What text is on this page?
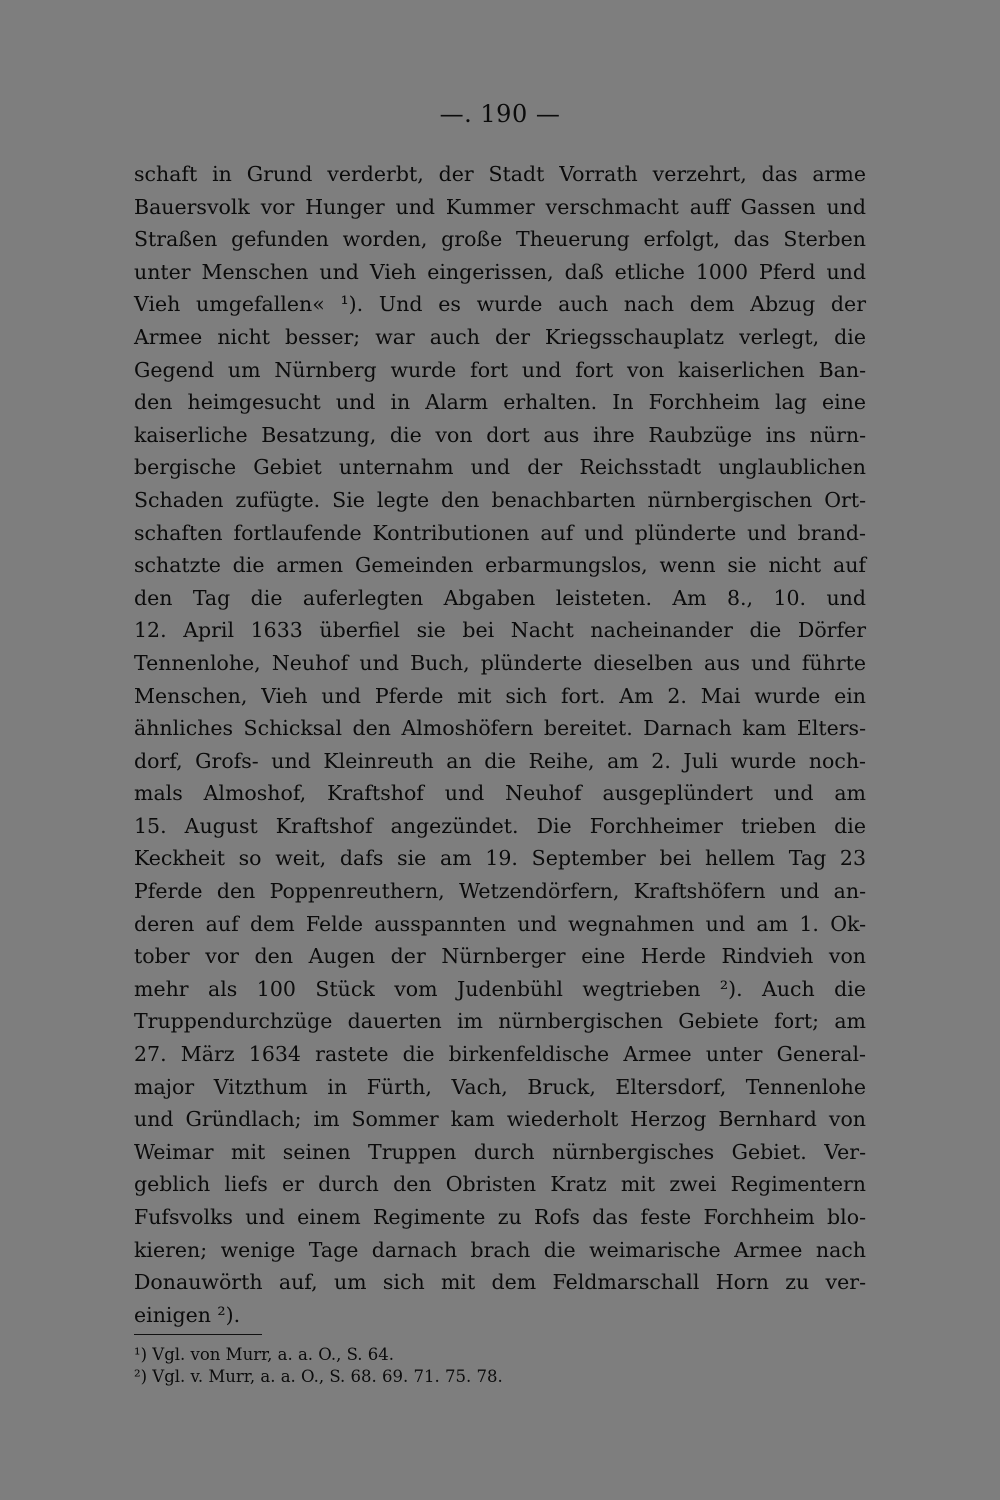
—. 190 —
schaft in Grund verderbt, der Stadt Vorrath verzehrt, das arme
Bauersvolk vor Hunger und Kummer verschmacht auff Gassen und
Straßen gefunden worden, große Theuerung erfolgt, das Sterben
unter Menschen und Vieh eingerissen, daß etliche 1000 Pferd und
Vieh umgefallen« ¹). Und es wurde auch nach dem Abzug der
Armee nicht besser; war auch der Kriegsschauplatz verlegt, die
Gegend um Nürnberg wurde fort und fort von kaiserlichen Ban-
den heimgesucht und in Alarm erhalten. In Forchheim lag eine
kaiserliche Besatzung, die von dort aus ihre Raubzüge ins nürn-
bergische Gebiet unternahm und der Reichsstadt unglaublichen
Schaden zufügte. Sie legte den benachbarten nürnbergischen Ort-
schaften fortlaufende Kontributionen auf und plünderte und brand-
schatzte die armen Gemeinden erbarmungslos, wenn sie nicht auf
den Tag die auferlegten Abgaben leisteten. Am 8., 10. und
12. April 1633 überfiel sie bei Nacht nacheinander die Dörfer
Tennenlohe, Neuhof und Buch, plünderte dieselben aus und führte
Menschen, Vieh und Pferde mit sich fort. Am 2. Mai wurde ein
ähnliches Schicksal den Almoshöfern bereitet. Darnach kam Elters-
dorf, Grofs- und Kleinreuth an die Reihe, am 2. Juli wurde noch-
mals Almoshof, Kraftshof und Neuhof ausgeplündert und am
15. August Kraftshof angezündet. Die Forchheimer trieben die
Keckheit so weit, dafs sie am 19. September bei hellem Tag 23
Pferde den Poppenreuthern, Wetzendörfern, Kraftshöfern und an-
deren auf dem Felde ausspannten und wegnahmen und am 1. Ok-
tober vor den Augen der Nürnberger eine Herde Rindvieh von
mehr als 100 Stück vom Judenbühl wegtrieben ²). Auch die
Truppendurchzüge dauerten im nürnbergischen Gebiete fort; am
27. März 1634 rastete die birkenfeldische Armee unter General-
major Vitzthum in Fürth, Vach, Bruck, Eltersdorf, Tennenlohe
und Gründlach; im Sommer kam wiederholt Herzog Bernhard von
Weimar mit seinen Truppen durch nürnbergisches Gebiet. Ver-
geblich liefs er durch den Obristen Kratz mit zwei Regimentern
Fufsvolks und einem Regimente zu Rofs das feste Forchheim blo-
kieren; wenige Tage darnach brach die weimarische Armee nach
Donauwörth auf, um sich mit dem Feldmarschall Horn zu ver-
einigen ²).
¹) Vgl. von Murr, a. a. O., S. 64.
²) Vgl. v. Murr, a. a. O., S. 68. 69. 71. 75. 78.
